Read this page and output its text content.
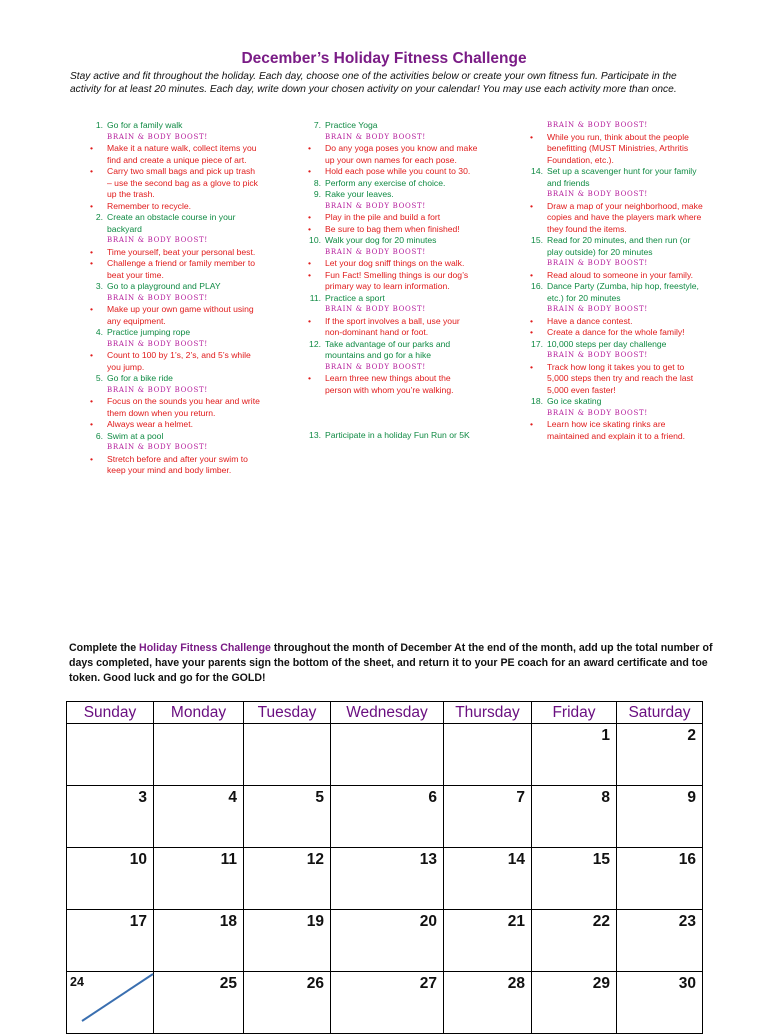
December’s Holiday Fitness Challenge
Stay active and fit throughout the holiday. Each day, choose one of the activities below or create your own fitness fun. Participate in the activity for at least 20 minutes. Each day, write down your chosen activity on your calendar! You may use each activity more than once.
1. Go for a family walk
BRAIN & BODY BOOST!
• Make it a nature walk, collect items you find and create a unique piece of art.
• Carry two small bags and pick up trash – use the second bag as a glove to pick up the trash.
• Remember to recycle.
2. Create an obstacle course in your backyard
BRAIN & BODY BOOST!
• Time yourself, beat your personal best.
• Challenge a friend or family member to beat your time.
3. Go to a playground and PLAY
BRAIN & BODY BOOST!
• Make up your own game without using any equipment.
4. Practice jumping rope
BRAIN & BODY BOOST!
• Count to 100 by 1’s, 2’s, and 5’s while you jump.
5. Go for a bike ride
BRAIN & BODY BOOST!
• Focus on the sounds you hear and write them down when you return.
• Always wear a helmet.
6. Swim at a pool
BRAIN & BODY BOOST!
• Stretch before and after your swim to keep your mind and body limber.
7. Practice Yoga
BRAIN & BODY BOOST!
• Do any yoga poses you know and make up your own names for each pose.
• Hold each pose while you count to 30.
8. Perform any exercise of choice.
9. Rake your leaves.
BRAIN & BODY BOOST!
• Play in the pile and build a fort
• Be sure to bag them when finished!
10. Walk your dog for 20 minutes
BRAIN & BODY BOOST!
• Let your dog sniff things on the walk.
• Fun Fact! Smelling things is our dog’s primary way to learn information.
11. Practice a sport
BRAIN & BODY BOOST!
• If the sport involves a ball, use your non-dominant hand or foot.
12. Take advantage of our parks and mountains and go for a hike
BRAIN & BODY BOOST!
• Learn three new things about the person with whom you’re walking.
13. Participate in a holiday Fun Run or 5K
BRAIN & BODY BOOST!
• While you run, think about the people benefitting (MUST Ministries, Arthritis Foundation, etc.).
14. Set up a scavenger hunt for your family and friends
BRAIN & BODY BOOST!
• Draw a map of your neighborhood, make copies and have the players mark where they found the items.
15. Read for 20 minutes, and then run (or play outside) for 20 minutes
BRAIN & BODY BOOST!
• Read aloud to someone in your family.
16. Dance Party (Zumba, hip hop, freestyle, etc.) for 20 minutes
BRAIN & BODY BOOST!
• Have a dance contest.
• Create a dance for the whole family!
17. 10,000 steps per day challenge
BRAIN & BODY BOOST!
• Track how long it takes you to get to 5,000 steps then try and reach the last 5,000 even faster!
18. Go ice skating
BRAIN & BODY BOOST!
• Learn how ice skating rinks are maintained and explain it to a friend.
Complete the Holiday Fitness Challenge throughout the month of December At the end of the month, add up the total number of days completed, have your parents sign the bottom of the sheet, and return it to your PE coach for an award certificate and toe token. Good luck and go for the GOLD!
Sunday	Monday	Tuesday	Wednesday	Thursday	Friday	Saturday

					1	2

3	4	5	6	7	8	9

10	11	12	13	14	15	16

17	18	19	20	21	22	23

24	25	26	27	28	29	30
